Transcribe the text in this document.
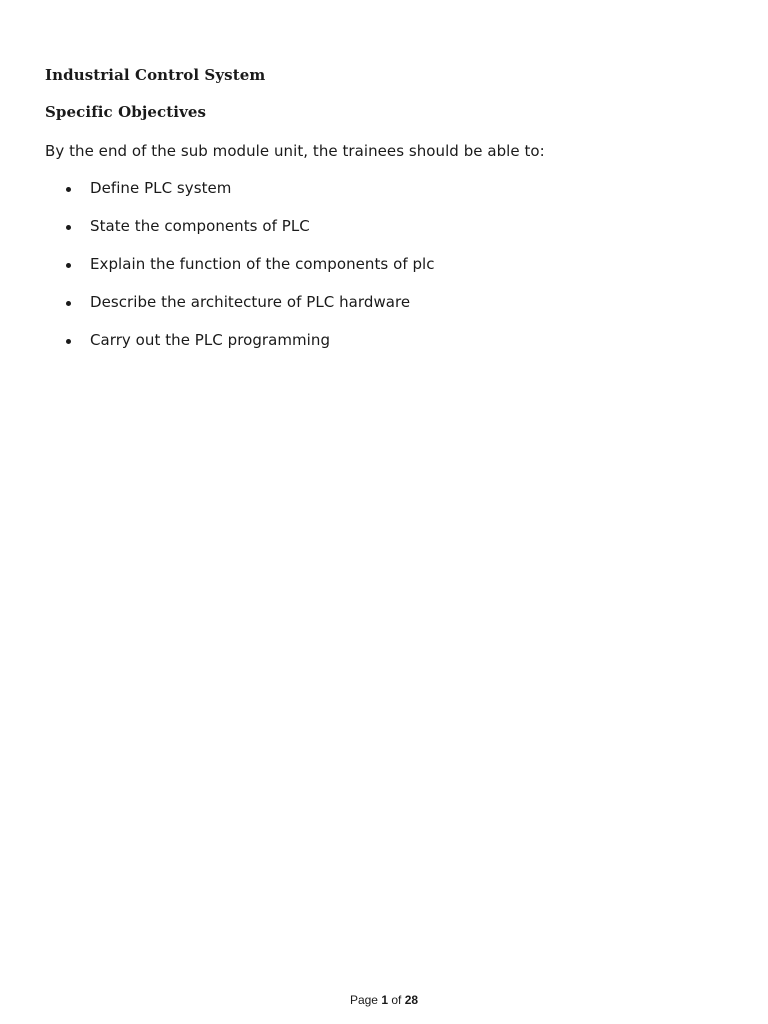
Industrial Control System
Specific Objectives

By the end of the sub module unit, the trainees should be able to:

Define PLC system
State the components of PLC
Explain the function of the components of plc
Describe the architecture of PLC hardware
Carry out the PLC programming
Page 1 of 28
